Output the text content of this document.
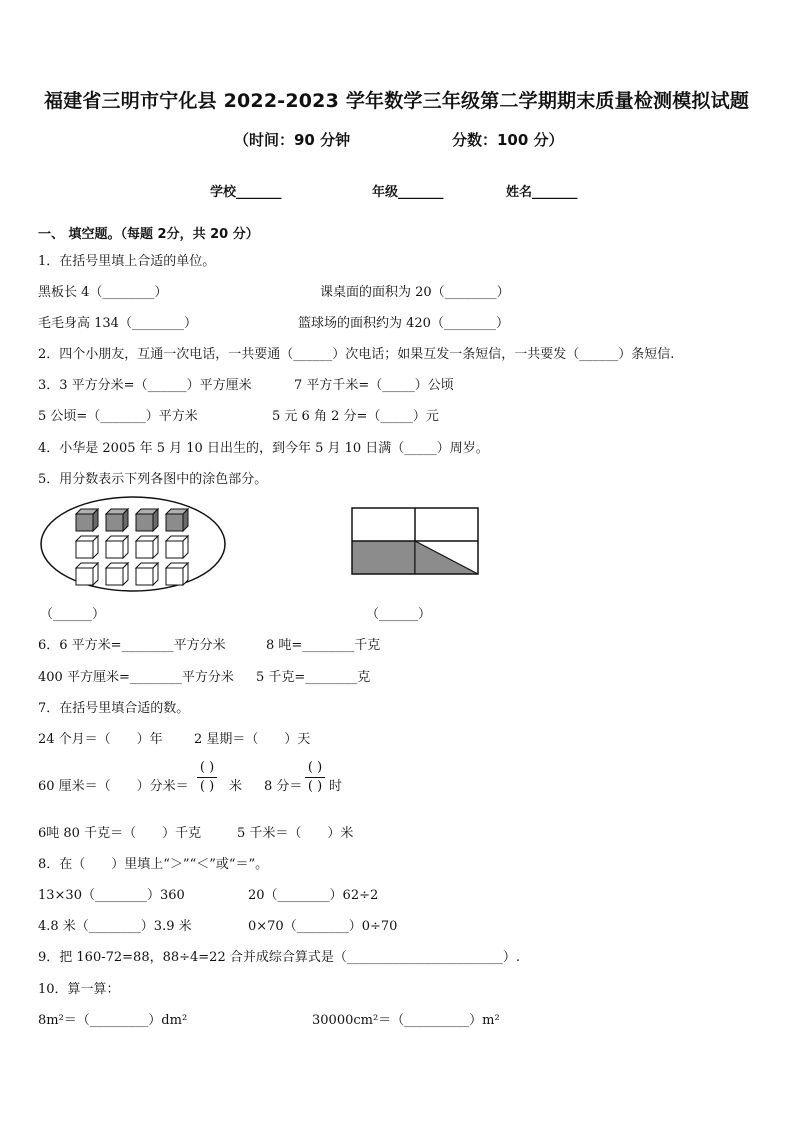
福建省三明市宁化县 2022-2023 学年数学三年级第二学期期末质量检测模拟试题
（时间：90 分钟	分数：100 分）
学校_______	年级_______	姓名_______
一、 填空题。（每题 2分，共 20 分）
1．在括号里填上合适的单位。
黑板长 4（________）	课桌面的面积为 20（________）
毛毛身高 134（________）	篮球场的面积约为 420（________）
2．四个小朋友，互通一次电话，一共要通（______）次电话；如果互发一条短信，一共要发（______）条短信.
3．3 平方分米=（______）平方厘米	7 平方千米=（_____）公顷
5 公顷=（_______）平方米	5 元 6 角 2 分=（_____）元
4．小华是 2005 年 5 月 10 日出生的，到今年 5 月 10 日满（_____）周岁。
5．用分数表示下列各图中的涂色部分。
（______）	（______）
6．6 平方米=________平方分米	8 吨=________千克
400 平方厘米=________平方分米 5 千克=________克
7．在括号里填合适的数。
24 个月＝（　　）年 2 星期＝（　　）天
60 厘米＝（　　）分米＝
( )
( ) 米 8 分＝
( )
( ) 时
6吨 80 千克＝（　　）千克	5 千米＝（　　）米
8．在（　　）里填上“＞”“＜”或“＝”。
13×30（________）360	20（________）62÷2
4.8 米（________）3.9 米	0×70（________）0÷70
9．把 160-72=88，88÷4=22 合并成综合算式是（________________________）.
10．算一算：
8m²＝（_________）dm²	30000cm²＝（__________）m²
